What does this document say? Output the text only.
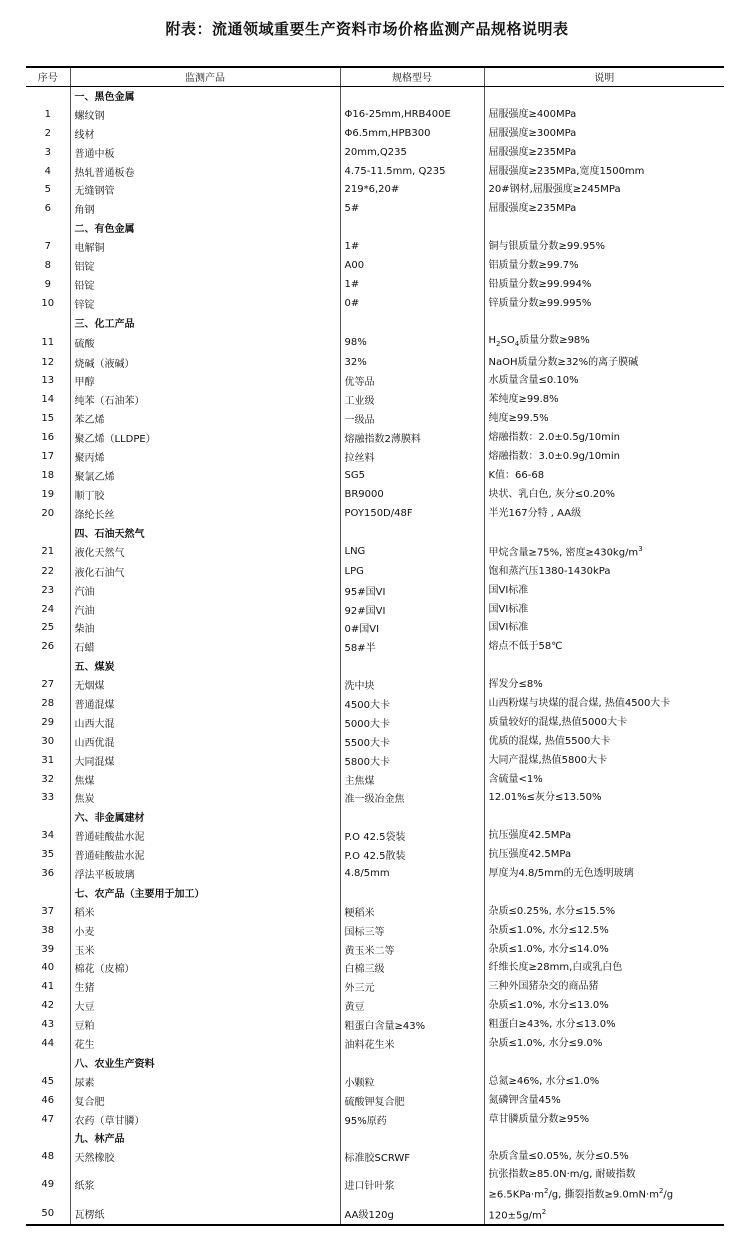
附表：流通领域重要生产资料市场价格监测产品规格说明表
序号	监测产品	规格型号	说明
	一、黑色金属		
1	螺纹钢	Φ16-25mm,HRB400E	屈服强度≥400MPa
2	线材	Φ6.5mm,HPB300	屈服强度≥300MPa
3	普通中板	20mm,Q235	屈服强度≥235MPa
4	热轧普通板卷	4.75-11.5mm, Q235	屈服强度≥235MPa,宽度1500mm
5	无缝钢管	219*6,20#	20#钢材,屈服强度≥245MPa
6	角钢	5#	屈服强度≥235MPa
	二、有色金属		
7	电解铜	1#	铜与银质量分数≥99.95%
8	铝锭	A00	铝质量分数≥99.7%
9	铅锭	1#	铅质量分数≥99.994%
10	锌锭	0#	锌质量分数≥99.995%
	三、化工产品		
11	硫酸	98%	$H_2SO_4$质量分数≥98%
12	烧碱（液碱）	32%	NaOH质量分数≥32%的离子膜碱
13	甲醇	优等品	水质量含量≤0.10%
14	纯苯（石油苯）	工业级	苯纯度≥99.8%
15	苯乙烯	一级品	纯度≥99.5%
16	聚乙烯（LLDPE）	熔融指数2薄膜料	熔融指数：2.0±0.5g/10min
17	聚丙烯	拉丝料	熔融指数：3.0±0.9g/10min
18	聚氯乙烯	SG5	K值：66-68
19	顺丁胶	BR9000	块状、乳白色, 灰分≤0.20%
20	涤纶长丝	POY150D/48F	半光167分特 , AA级
	四、石油天然气		
21	液化天然气	LNG	甲烷含量≥75%, 密度$\ge 430kg/m^3$
22	液化石油气	LPG	饱和蒸汽压1380-1430kPa
23	汽油	95#国VI	国VI标准
24	汽油	92#国VI	国VI标准
25	柴油	0#国VI	国VI标准
26	石蜡	58#半	熔点不低于58℃
	五、煤炭		
27	无烟煤	洗中块	挥发分≤8%
28	普通混煤	4500大卡	山西粉煤与块煤的混合煤, 热值4500大卡
29	山西大混	5000大卡	质量较好的混煤,热值5000大卡
30	山西优混	5500大卡	优质的混煤, 热值5500大卡
31	大同混煤	5800大卡	大同产混煤,热值5800大卡
32	焦煤	主焦煤	含硫量<1%
33	焦炭	准一级冶金焦	12.01%≤灰分≤13.50%
	六、非金属建材		
34	普通硅酸盐水泥	P.O 42.5袋装	抗压强度42.5MPa
35	普通硅酸盐水泥	P.O 42.5散装	抗压强度42.5MPa
36	浮法平板玻璃	4.8/5mm	厚度为4.8/5mm的无色透明玻璃
	七、农产品（主要用于加工）		
37	稻米	粳稻米	杂质≤0.25%, 水分≤15.5%
38	小麦	国标三等	杂质≤1.0%, 水分≤12.5%
39	玉米	黄玉米二等	杂质≤1.0%, 水分≤14.0%
40	棉花（皮棉）	白棉三级	纤维长度≥28mm,白或乳白色
41	生猪	外三元	三种外国猪杂交的商品猪
42	大豆	黄豆	杂质≤1.0%, 水分≤13.0%
43	豆粕	粗蛋白含量≥43%	粗蛋白≥43%, 水分≤13.0%
44	花生	油料花生米	杂质≤1.0%, 水分≤9.0%
	八、农业生产资料		
45	尿素	小颗粒	总氮≥46%, 水分≤1.0%
46	复合肥	硫酸钾复合肥	氮磷钾含量45%
47	农药（草甘膦）	95%原药	草甘膦质量分数≥95%
	九、林产品		
48	天然橡胶	标准胶SCRWF	杂质含量≤0.05%, 灰分≤0.5%
49	纸浆	进口针叶浆	抗张指数≥85.0N·m/g, 耐破指数
$\ge 6.5KPa\cdot m^2/g$, 撕裂指数$\ge 9.0mN\cdot m^2/g$
50	瓦楞纸	AA级120g	$120\pm 5g/m^2$
